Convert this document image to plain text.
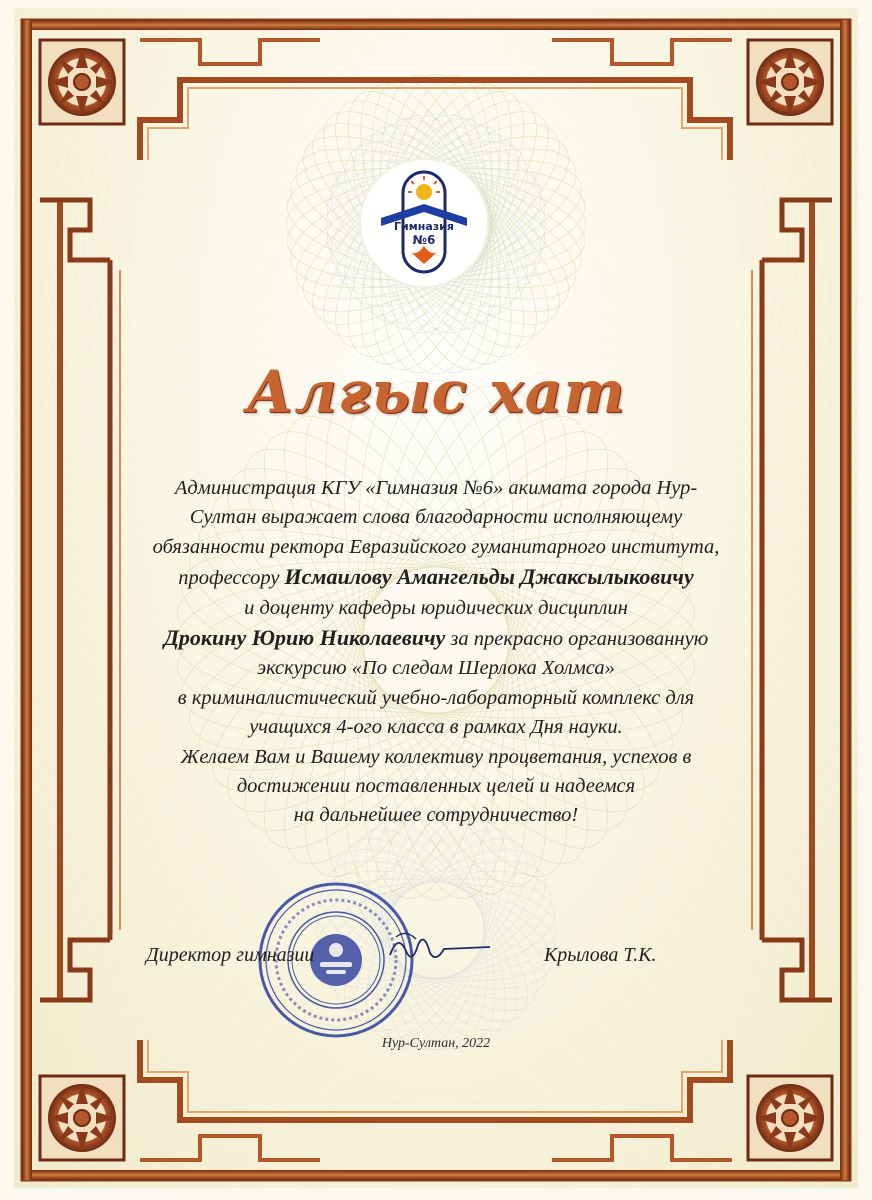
Гимназия
№6
Алғыс хат
Администрация КГУ «Гимназия №6» акимата города Нур-
Султан выражает слова благодарности исполняющему
обязанности ректора Евразийского гуманитарного института,
профессору Исмаилову Амангельды Джаксылыковичу
и доценту кафедры юридических дисциплин
Дрокину Юрию Николаевичу за прекрасно организованную
экскурсию «По следам Шерлока Холмса»
в криминалистический учебно-лабораторный комплекс для
учащихся 4-ого класса в рамках Дня науки.
Желаем Вам и Вашему коллективу процветания, успехов в
достижении поставленных целей и надеемся
на дальнейшее сотрудничество!
Директор гимназии	Крылова Т.К.
Нур-Султан, 2022
